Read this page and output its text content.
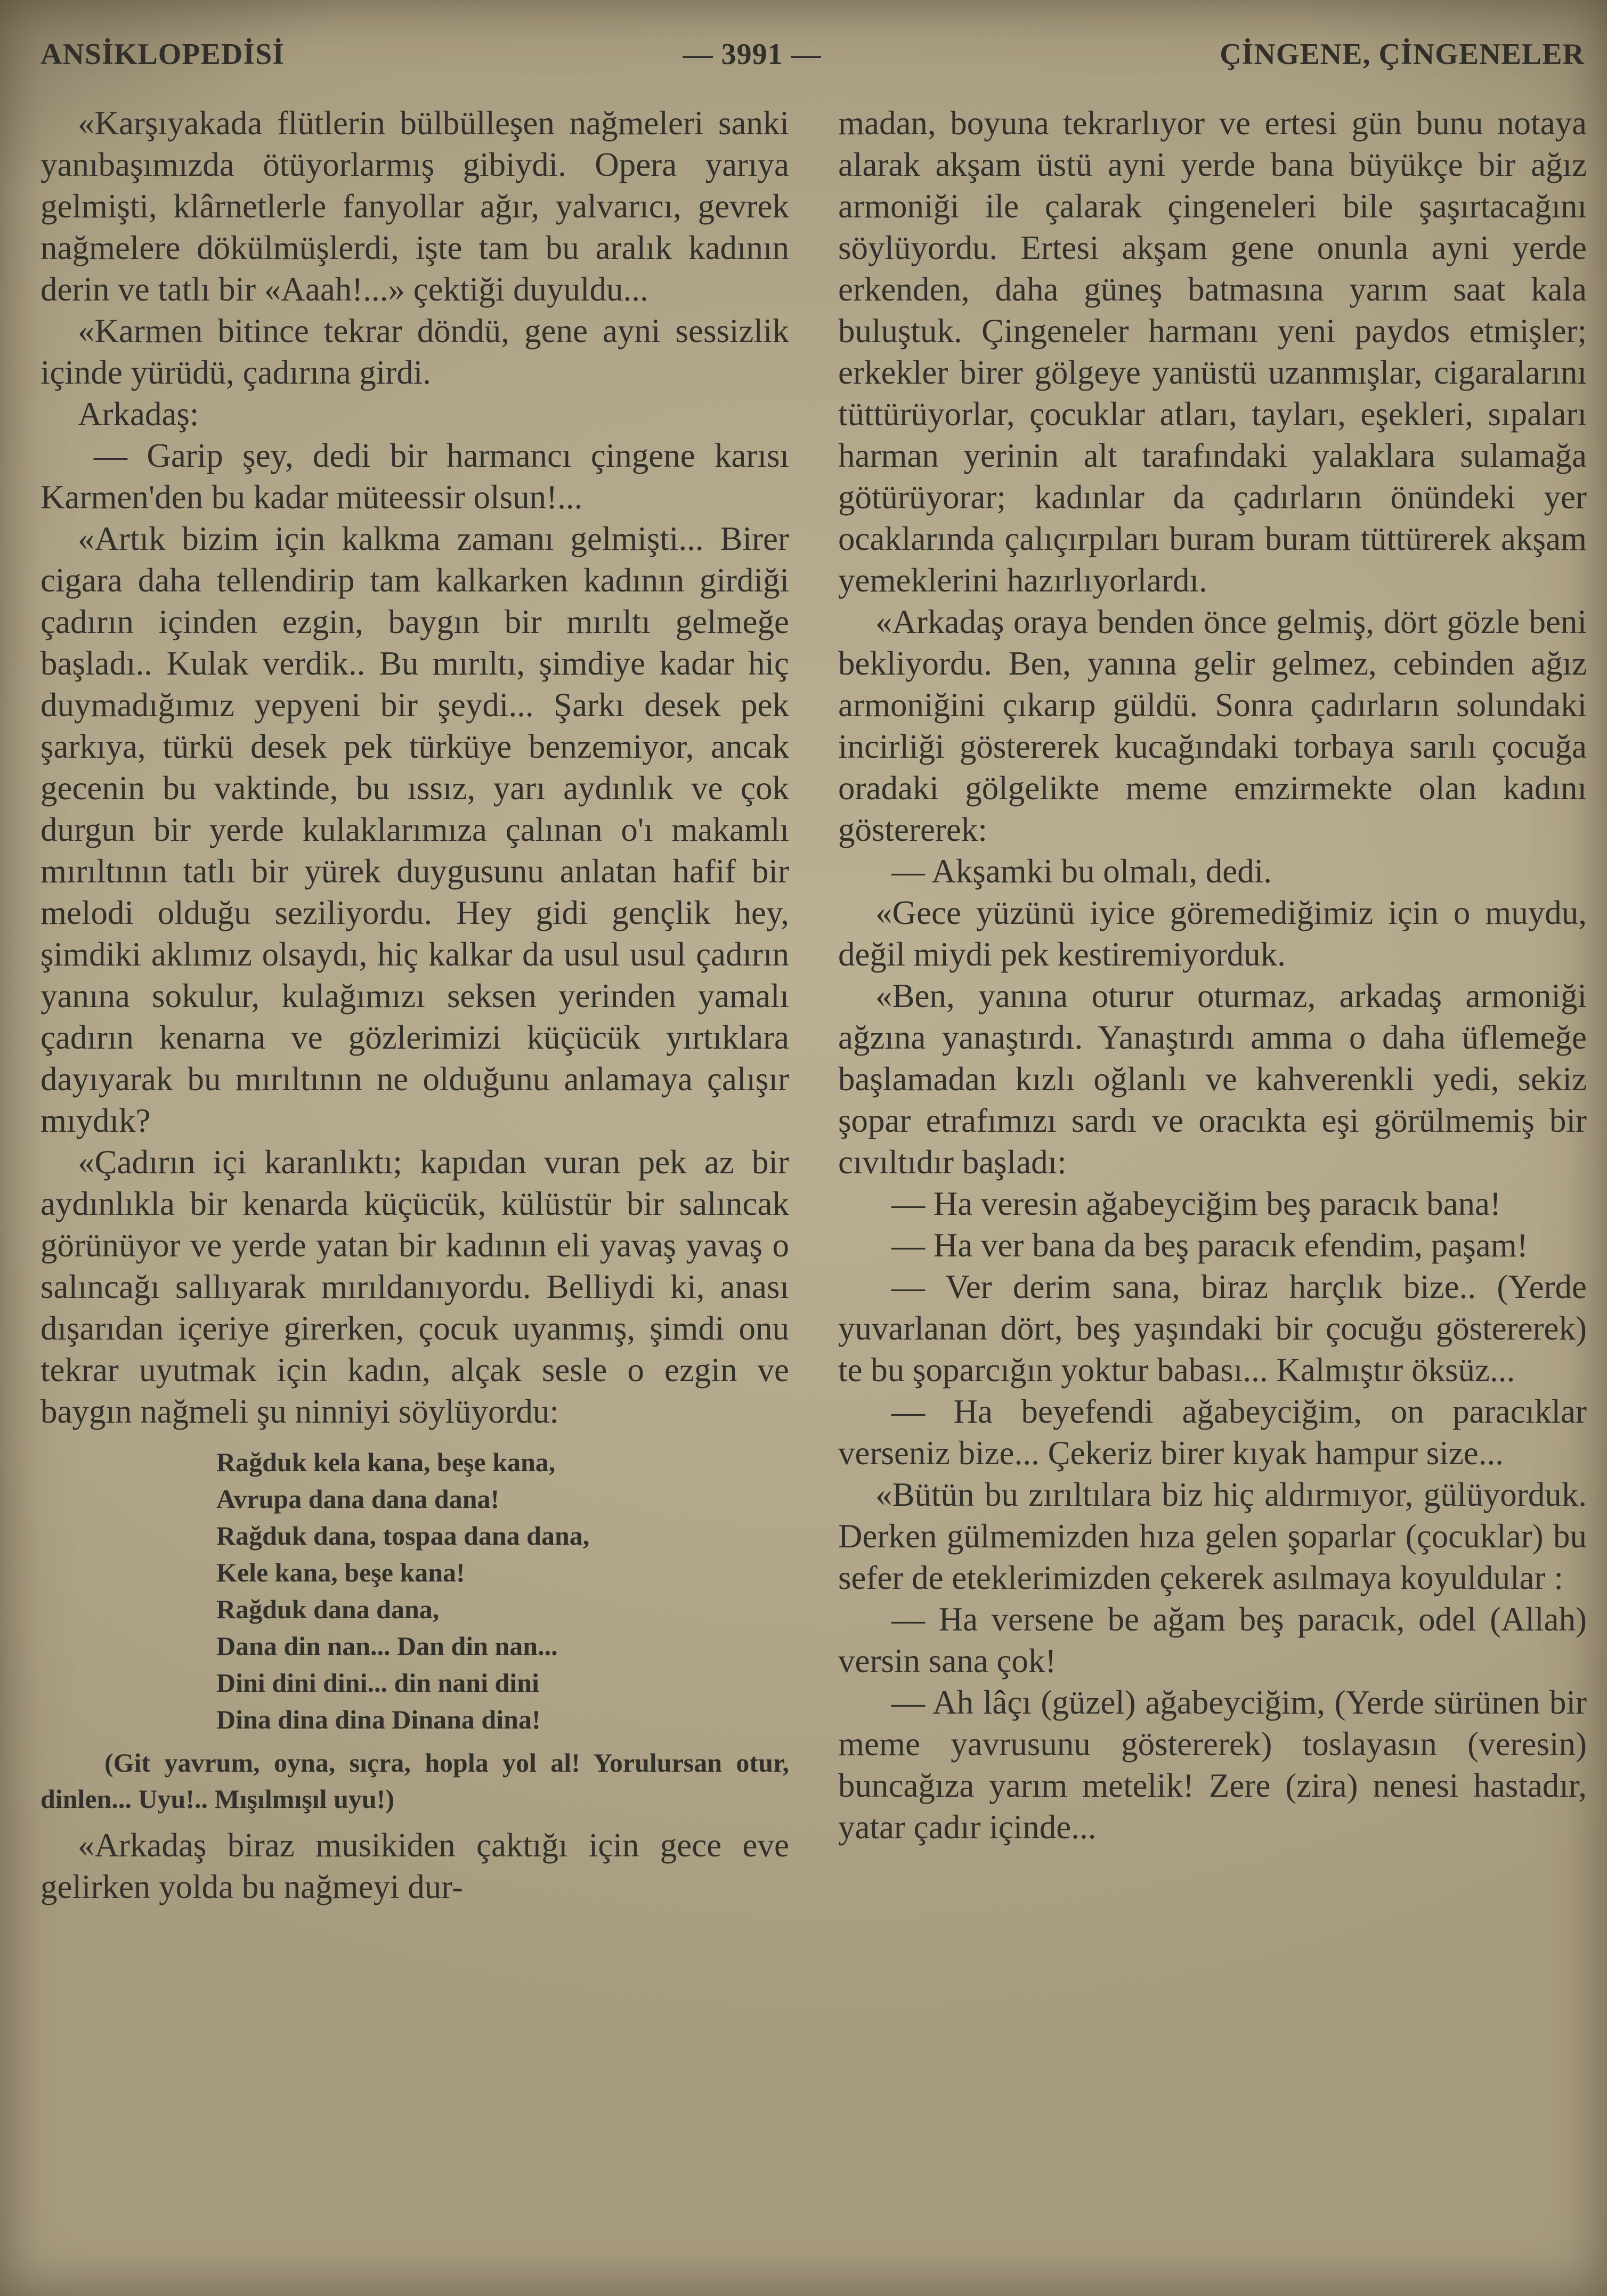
ANSİKLOPEDİSİ	— 3991 —	ÇİNGENE, ÇİNGENELER

«Karşıyakada flütlerin bülbülleşen nağmeleri sanki yanıbaşımızda ötüyorlarmış gibiydi. Opera yarıya gelmişti, klârnetlerle fanyollar ağır, yalvarıcı, gevrek nağmelere dökülmüşlerdi, işte tam bu aralık kadının derin ve tatlı bir «Aaah!...» çektiği duyuldu...

«Karmen bitince tekrar döndü, gene ayni sessizlik içinde yürüdü, çadırına girdi.

Arkadaş:

— Garip şey, dedi bir harmancı çingene karısı Karmen'den bu kadar müteessir olsun!...

«Artık bizim için kalkma zamanı gelmişti... Birer cigara daha tellendirip tam kalkarken kadının girdiği çadırın içinden ezgin, baygın bir mırıltı gelmeğe başladı.. Kulak verdik.. Bu mırıltı, şimdiye kadar hiç duymadığımız yepyeni bir şeydi... Şarkı desek pek şarkıya, türkü desek pek türküye benzemiyor, ancak gecenin bu vaktinde, bu ıssız, yarı aydınlık ve çok durgun bir yerde kulaklarımıza çalınan o'ı makamlı mırıltının tatlı bir yürek duygusunu anlatan hafif bir melodi olduğu seziliyordu. Hey gidi gençlik hey, şimdiki aklımız olsaydı, hiç kalkar da usul usul çadırın yanına sokulur, kulağımızı seksen yerinden yamalı çadırın kenarna ve gözlerimizi küçücük yırtıklara dayıyarak bu mırıltının ne olduğunu anlamaya çalışır mıydık?

«Çadırın içi karanlıktı; kapıdan vuran pek az bir aydınlıkla bir kenarda küçücük, külüstür bir salıncak görünüyor ve yerde yatan bir kadının eli yavaş yavaş o salıncağı sallıyarak mırıldanıyordu. Belliydi ki, anası dışarıdan içeriye girerken, çocuk uyanmış, şimdi onu tekrar uyutmak için kadın, alçak sesle o ezgin ve baygın nağmeli şu ninniyi söylüyordu:

Rağduk kela kana, beşe kana,
Avrupa dana dana dana!
Rağduk dana, tospaa dana dana,
Kele kana, beşe kana!
Rağduk dana dana,
Dana din nan... Dan din nan...
Dini dini dini... din nani dini
Dina dina dina Dinana dina!

(Git yavrum, oyna, sıçra, hopla yol al! Yorulursan otur, dinlen... Uyu!.. Mışılmışıl uyu!)

«Arkadaş biraz musikiden çaktığı için gece eve gelirken yolda bu nağmeyi dur-

madan, boyuna tekrarlıyor ve ertesi gün bunu notaya alarak akşam üstü ayni yerde bana büyükçe bir ağız armoniği ile çalarak çingeneleri bile şaşırtacağını söylüyordu. Ertesi akşam gene onunla ayni yerde erkenden, daha güneş batmasına yarım saat kala buluştuk. Çingeneler harmanı yeni paydos etmişler; erkekler birer gölgeye yanüstü uzanmışlar, cigaralarını tüttürüyorlar, çocuklar atları, tayları, eşekleri, sıpaları harman yerinin alt tarafındaki yalaklara sulamağa götürüyorar; kadınlar da çadırların önündeki yer ocaklarında çalıçırpıları buram buram tüttürerek akşam yemeklerini hazırlıyorlardı.

«Arkadaş oraya benden önce gelmiş, dört gözle beni bekliyordu. Ben, yanına gelir gelmez, cebinden ağız armoniğini çıkarıp güldü. Sonra çadırların solundaki incirliği göstererek kucağındaki torbaya sarılı çocuğa oradaki gölgelikte meme emzirmekte olan kadını göstererek:

— Akşamki bu olmalı, dedi.

«Gece yüzünü iyice göremediğimiz için o muydu, değil miydi pek kestiremiyorduk.

«Ben, yanına oturur oturmaz, arkadaş armoniği ağzına yanaştırdı. Yanaştırdı amma o daha üflemeğe başlamadan kızlı oğlanlı ve kahverenkli yedi, sekiz şopar etrafımızı sardı ve oracıkta eşi görülmemiş bir cıvıltıdır başladı:

— Ha veresin ağabeyciğim beş paracık bana!

— Ha ver bana da beş paracık efendim, paşam!

— Ver derim sana, biraz harçlık bize.. (Yerde yuvarlanan dört, beş yaşındaki bir çocuğu göstererek) te bu şoparcığın yoktur babası... Kalmıştır öksüz...

— Ha beyefendi ağabeyciğim, on paracıklar verseniz bize... Çekeriz birer kıyak hampur size...

«Bütün bu zırıltılara biz hiç aldırmıyor, gülüyorduk. Derken gülmemizden hıza gelen şoparlar (çocuklar) bu sefer de eteklerimizden çekerek asılmaya koyuldular :

— Ha versene be ağam beş paracık, odel (Allah) versin sana çok!

— Ah lâçı (güzel) ağabeyciğim, (Yerde sürünen bir meme yavrusunu göstererek) toslayasın (veresin) buncağıza yarım metelik! Zere (zira) nenesi hastadır, yatar çadır içinde...
